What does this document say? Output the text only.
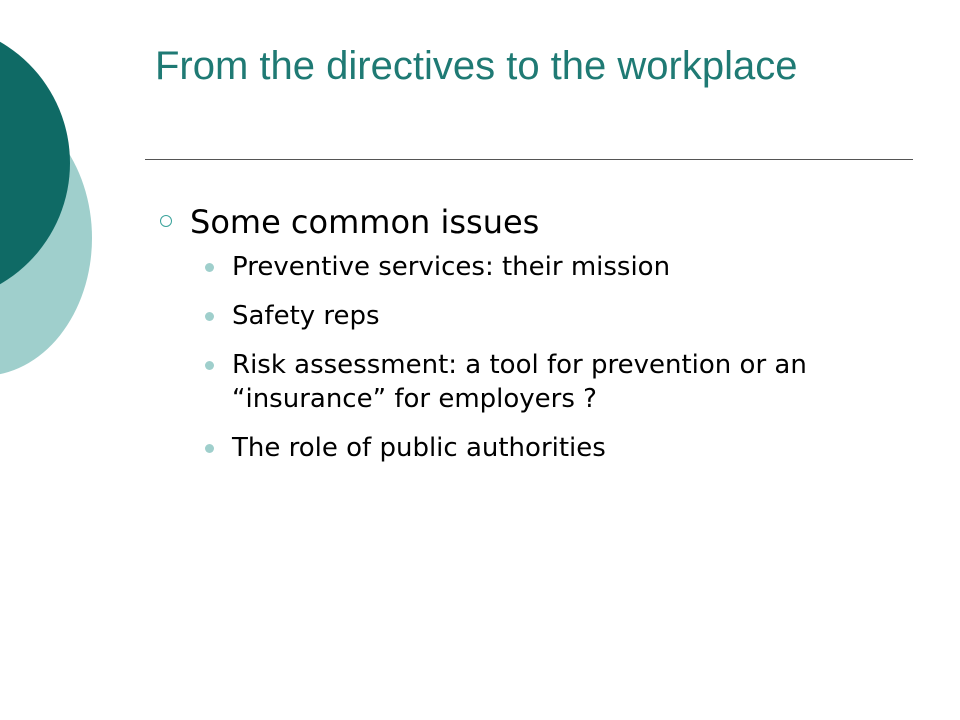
From the directives to the workplace
Some common issues
Preventive services: their mission
Safety reps
Risk assessment: a tool for prevention or an “insurance” for employers ?
The role of public authorities
